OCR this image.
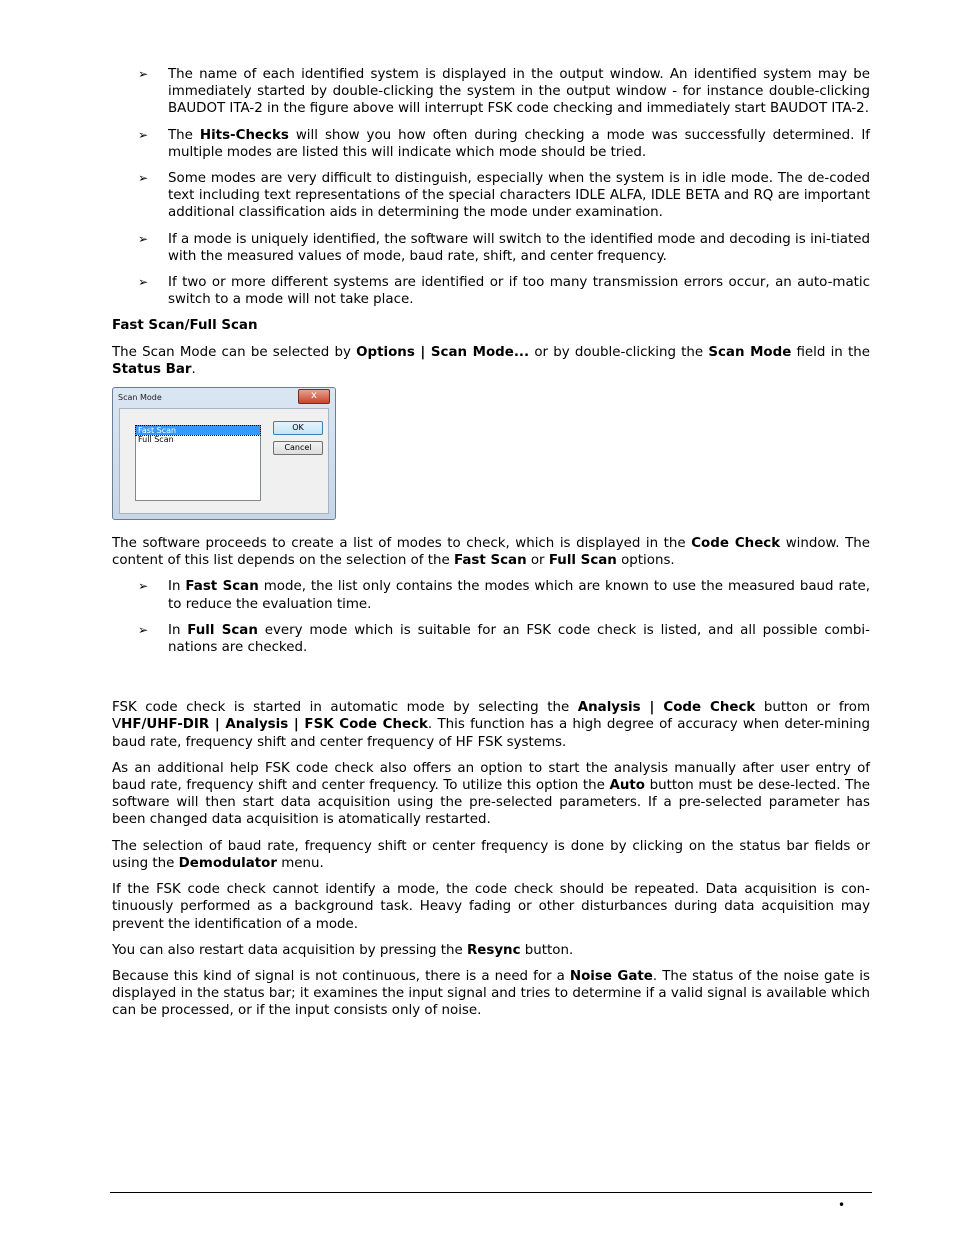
➢ The name of each identified system is displayed in the output window. An identified system may be immediately started by double-clicking the system in the output window - for instance double-clicking BAUDOT ITA-2 in the figure above will interrupt FSK code checking and immediately start BAUDOT ITA-2.
➢ The Hits-Checks will show you how often during checking a mode was successfully determined. If multiple modes are listed this will indicate which mode should be tried.
➢ Some modes are very difficult to distinguish, especially when the system is in idle mode. The de-coded text including text representations of the special characters IDLE ALFA, IDLE BETA and RQ are important additional classification aids in determining the mode under examination.
➢ If a mode is uniquely identified, the software will switch to the identified mode and decoding is ini-tiated with the measured values of mode, baud rate, shift, and center frequency.
➢ If two or more different systems are identified or if too many transmission errors occur, an auto-matic switch to a mode will not take place.
Fast Scan/Full Scan

The Scan Mode can be selected by Options | Scan Mode... or by double-clicking the Scan Mode field in the Status Bar.

Scan Mode	x
Fast Scan
Full Scan
OK
Cancel

The software proceeds to create a list of modes to check, which is displayed in the Code Check window. The content of this list depends on the selection of the Fast Scan or Full Scan options.

➢ In Fast Scan mode, the list only contains the modes which are known to use the measured baud rate, to reduce the evaluation time.
➢ In Full Scan every mode which is suitable for an FSK code check is listed, and all possible combi-nations are checked.

FSK code check is started in automatic mode by selecting the Analysis | Code Check button or from VHF/UHF-DIR | Analysis | FSK Code Check. This function has a high degree of accuracy when deter-mining baud rate, frequency shift and center frequency of HF FSK systems.

As an additional help FSK code check also offers an option to start the analysis manually after user entry of baud rate, frequency shift and center frequency. To utilize this option the Auto button must be dese-lected. The software will then start data acquisition using the pre-selected parameters. If a pre-selected parameter has been changed data acquisition is atomatically restarted.

The selection of baud rate, frequency shift or center frequency is done by clicking on the status bar fields or using the Demodulator menu.

If the FSK code check cannot identify a mode, the code check should be repeated. Data acquisition is con-tinuously performed as a background task. Heavy fading or other disturbances during data acquisition may prevent the identification of a mode.

You can also restart data acquisition by pressing the Resync button.

Because this kind of signal is not continuous, there is a need for a Noise Gate. The status of the noise gate is displayed in the status bar; it examines the input signal and tries to determine if a valid signal is available which can be processed, or if the input consists only of noise.

•
